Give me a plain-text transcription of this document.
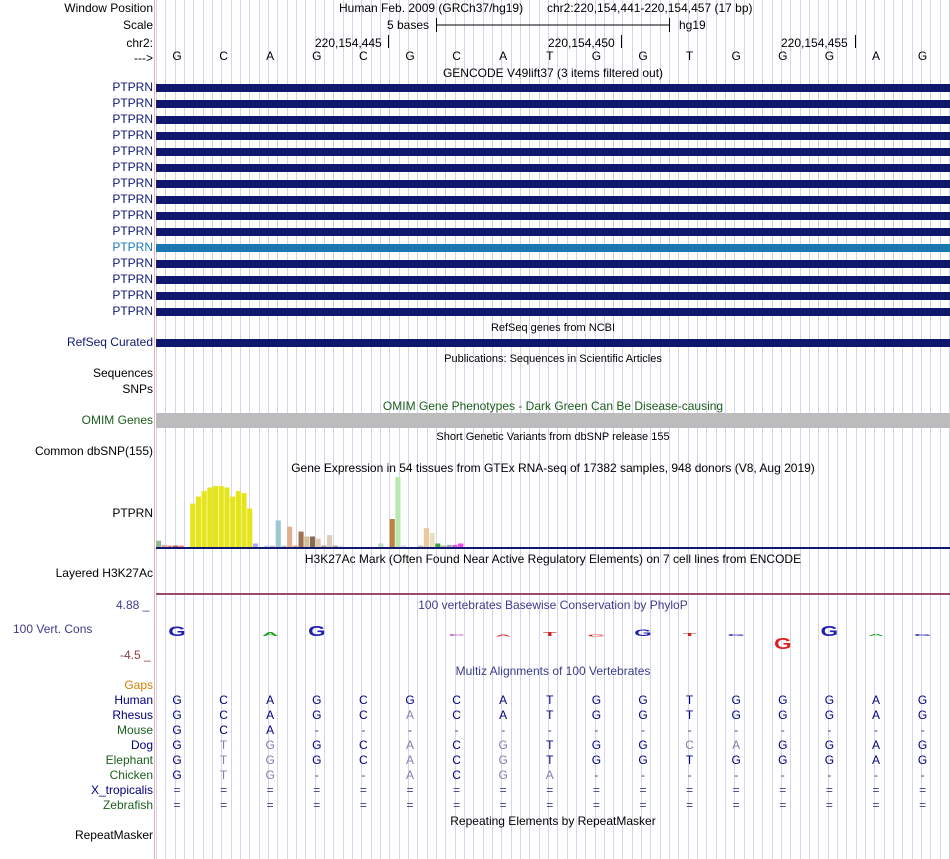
Window Position	Human Feb. 2009 (GRCh37/hg19) chr2:220,154,441-220,154,457 (17 bp)
Scale	5 bases	hg19
chr2:	220,154,445	220,154,450	220,154,455
--->
GENCODE V49lift37 (3 items filtered out)
RefSeq genes from NCBI
RefSeq Curated
Publications: Sequences in Scientific Articles
Sequences
SNPs
OMIM Gene Phenotypes - Dark Green Can Be Disease-causing
OMIM Genes
Short Genetic Variants from dbSNP release 155
Common dbSNP(155)
Gene Expression in 54 tissues from GTEx RNA-seq of 17382 samples, 948 donors (V8, Aug 2019)
PTPRN
H3K27Ac Mark (Often Found Near Active Regulatory Elements) on 7 cell lines from ENCODE
Layered H3K27Ac
100 vertebrates Basewise Conservation by PhyloP
4.88 _
100 Vert. Cons
-4.5 _
G	A G	C A T G G T G G
G A G
Multiz Alignments of 100 Vertebrates
Gaps
Repeating Elements by RepeatMasker
RepeatMasker
G	C	A	G	C	G	C	A	T	G	G	T	G	G	G	A	G
PTPRN
PTPRN
PTPRN
PTPRN
PTPRN
PTPRN
PTPRN
PTPRN
PTPRN
PTPRN
PTPRN
PTPRN
PTPRN
PTPRN
PTPRN
Human	G	C	A	G	C	G	C	A	T	G	G	T	G	G	G	A	G
Rhesus	G	C	A	G	C	A	C	A	T	G	G	T	G	G	G	A	G
Mouse	G	C	A	-	-	-	-	-	-	-	-	-	-	-	-	-	-
Dog	G	T	G	G	C	A	C	G	T	G	G	C	A	G	G	A	G
Elephant	G	T	G	G	C	A	C	G	T	G	G	T	G	G	G	A	G
Chicken	G	T	G	-	-	A	C	G	A	-	-	-	-	-	-	-	-
X_tropicalis	=	=	=	=	=	=	=	=	=	=	=	=	=	=	=	=	=
Zebrafish	=	=	=	=	=	=	=	=	=	=	=	=	=	=	=	=	=
